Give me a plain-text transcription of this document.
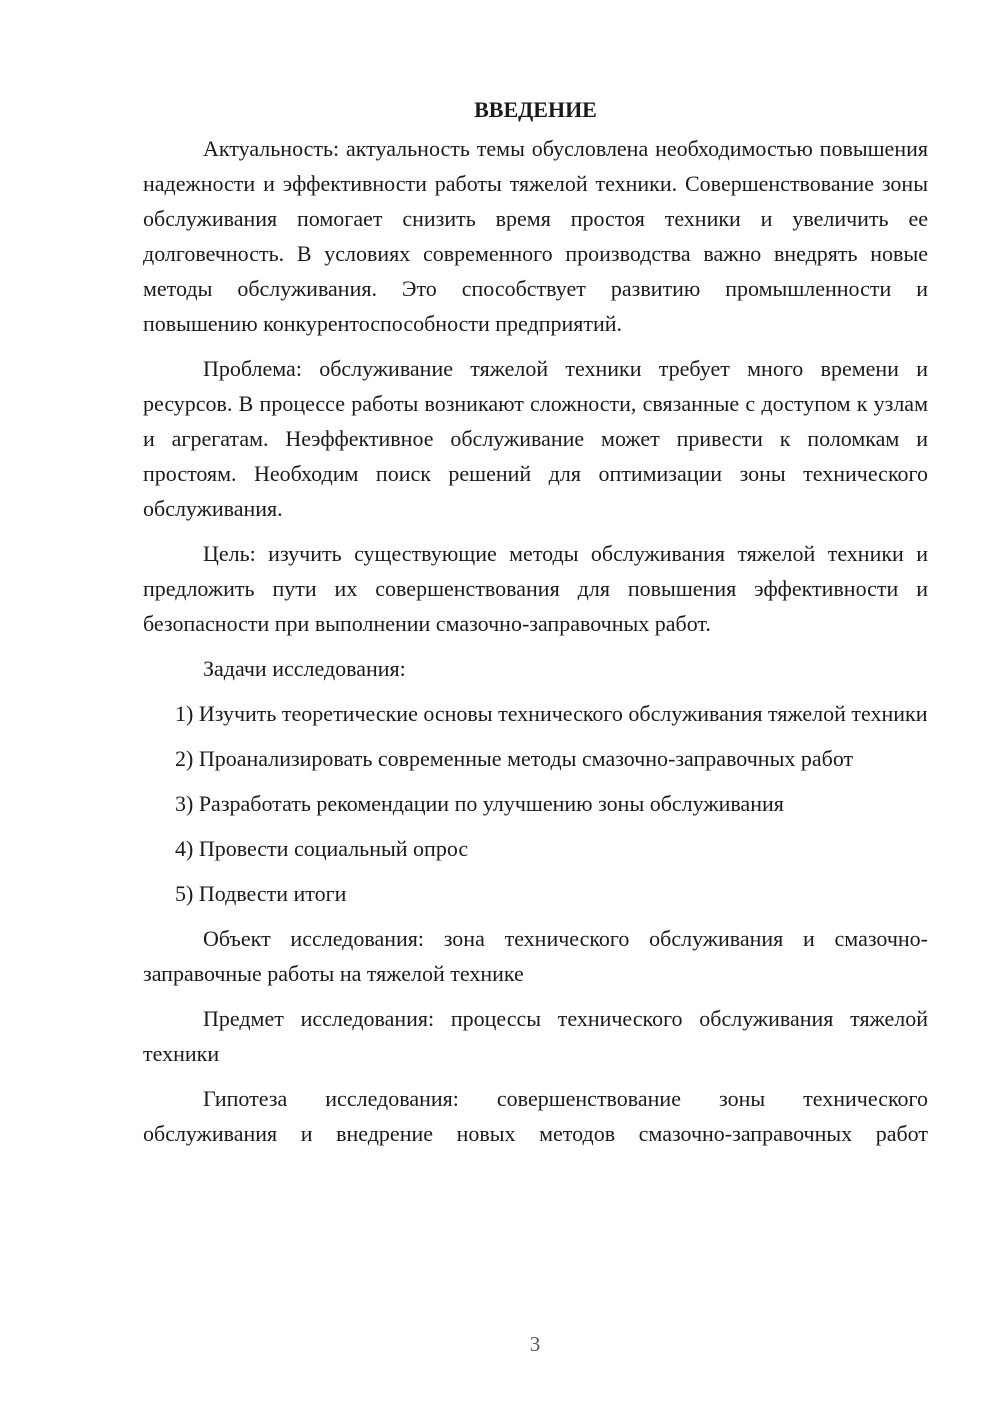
ВВЕДЕНИЕ

Актуальность: актуальность темы обусловлена необходимостью повышения надежности и эффективности работы тяжелой техники. Совершенствование зоны обслуживания помогает снизить время простоя техники и увеличить ее долговечность. В условиях современного производства важно внедрять новые методы обслуживания. Это способствует развитию промышленности и повышению конкурентоспособности предприятий.

Проблема: обслуживание тяжелой техники требует много времени и ресурсов. В процессе работы возникают сложности, связанные с доступом к узлам и агрегатам. Неэффективное обслуживание может привести к поломкам и простоям. Необходим поиск решений для оптимизации зоны технического обслуживания.

Цель: изучить существующие методы обслуживания тяжелой техники и предложить пути их совершенствования для повышения эффективности и безопасности при выполнении смазочно-заправочных работ.

Задачи исследования:

1) Изучить теоретические основы технического обслуживания тяжелой техники

2) Проанализировать современные методы смазочно-заправочных работ

3) Разработать рекомендации по улучшению зоны обслуживания

4) Провести социальный опрос

5) Подвести итоги

Объект исследования: зона технического обслуживания и смазочно-заправочные работы на тяжелой технике

Предмет исследования: процессы технического обслуживания тяжелой техники

Гипотеза исследования: совершенствование зоны технического обслуживания и внедрение новых методов смазочно-заправочных работ

3
